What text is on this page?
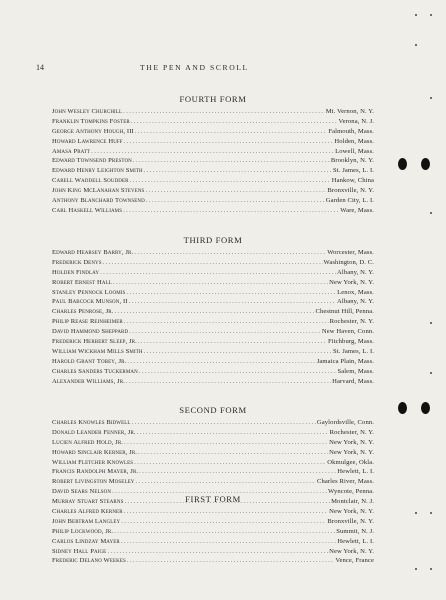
14	THE PEN AND SCROLL
FOURTH FORM
John Wesley Churchill .....	Mt. Vernon, N. Y.
Franklin Tompkins Foster .....	Verona, N. J.
George Anthony Hough, III .....	Falmouth, Mass.
Howard Lawrence Huff .....	Holden, Mass.
Amasa Pratt .....	Lowell, Mass.
Edward Townsend Preston .....	Brooklyn, N. Y.
Edward Henry Leighton Smith .....	St. James, L. I.
Carell Waddell Soudder .....	Hankow, China
John King McLanahan Stevens .....	Bronxville, N. Y.
Anthony Blanchard Townsend .....	Garden City, L. I.
Carl Haskell Williams .....	Ware, Mass.
THIRD FORM
Edward Hearsey Barry, Jr. .....	Worcester, Mass.
Frederick Denys .....	Washington, D. C.
Holden Findlay .....	Albany, N. Y.
Robert Ernest Hall .....	New York, N. Y.
Stanley Pennock Loomis .....	Lenox, Mass.
Paul Babcock Munson, II .....	Albany, N. Y.
Charles Penrose, Jr. .....	Chestnut Hill, Penna.
Philip Rease Reinheimer .....	Rochester, N. Y.
David Hammond Sheppard .....	New Haven, Conn.
Frederick Herbert Sleep, Jr. .....	Fitchburg, Mass.
William Wickham Mills Smith .....	St. James, L. I.
Harold Grant Tobey, Jr. .....	Jamaica Plain, Mass.
Charles Sanders Tuckerman .....	Salem, Mass.
Alexander Williams, Jr. .....	Harvard, Mass.
SECOND FORM
Charles Knowles Bidwell .....	Gaylordsville, Conn.
Donald Leander Fenner, Jr. .....	Rochester, N. Y.
Lucien Alfred Hold, Jr. .....	New York, N. Y.
Howard Sinclair Kerner, Jr. .....	New York, N. Y.
William Fletcher Knowles .....	Okmulgee, Okla.
Francis Randolph Mayer, Jr. .....	Hewlett, L. I.
Robert Livingston Moseley .....	Charles River, Mass.
David Sears Nelson .....	Wyncote, Penna.
Murray Stuart Stearns .....	Montclair, N. J.
FIRST FORM
Charles Alfred Kerner .....	New York, N. Y.
John Bertram Langley .....	Bronxville, N. Y.
Philip Lockwood, Jr. .....	Summit, N. J.
Carlos Lindzay Mayer .....	Hewlett, L. I.
Sidney Hall Paige .....	New York, N. Y.
Frederic Delano Weekes .....	Vence, France
